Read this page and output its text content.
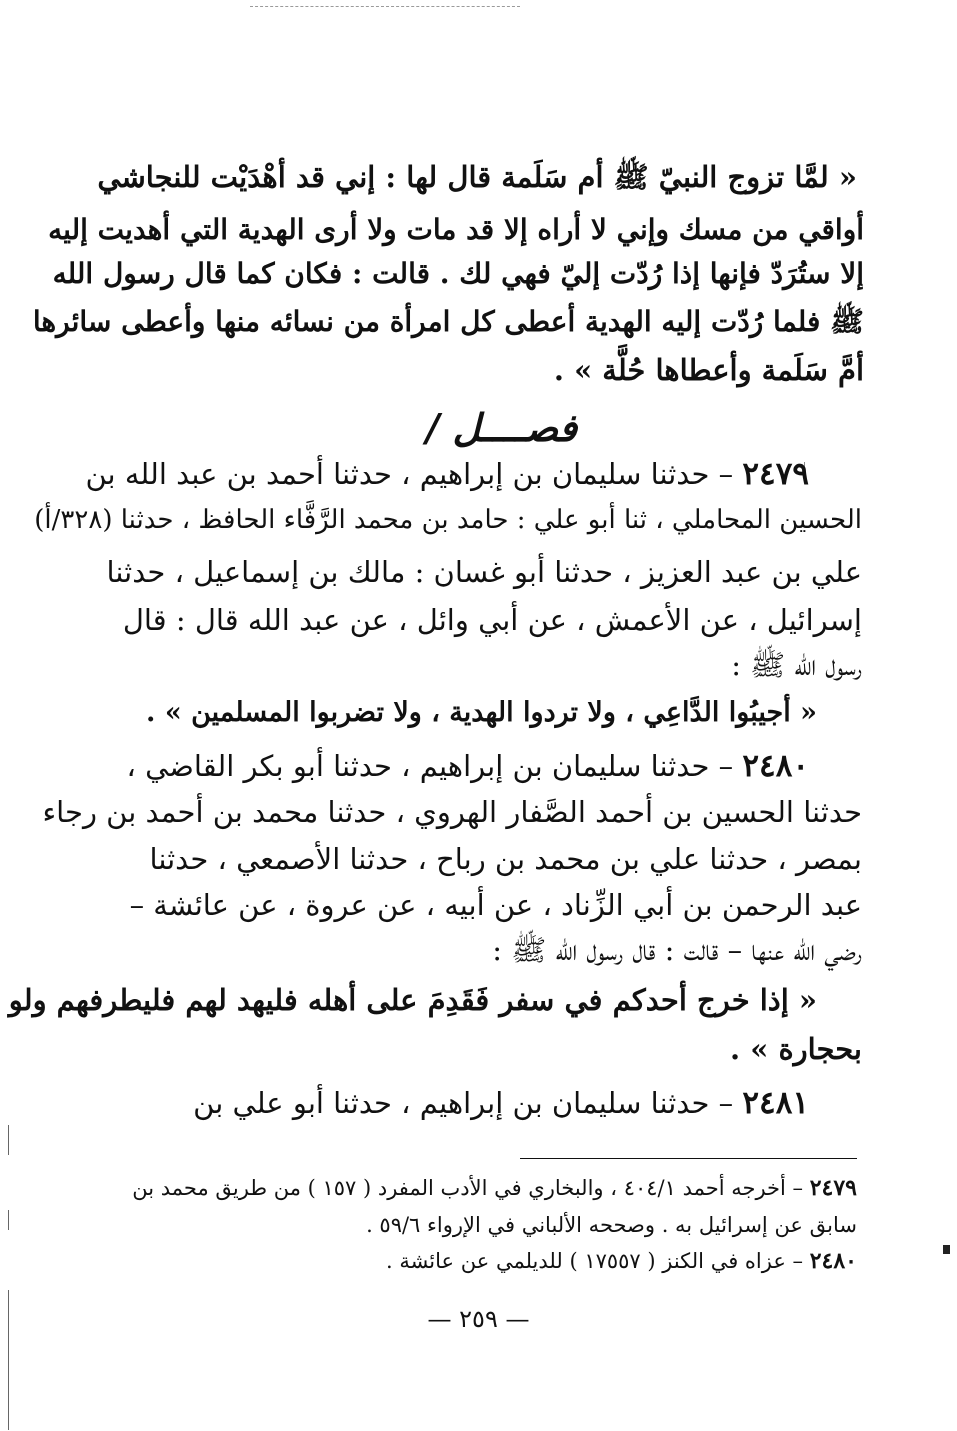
« لمَّا تزوج النبيّ ﷺ أم سَلَمة قال لها : إني قد أهْدَيْت للنجاشي
أواقي من مسك وإني لا أراه إلا قد مات ولا أرى الهدية التي أهديت إليه
إلا ستُرَدّ فإنها إذا رُدّت إليّ فهي لك . قالت : فكان كما قال رسول الله
ﷺ فلما رُدّت إليه الهدية أعطى كل امرأة من نسائه منها وأعطى سائرها
أمَّ سَلَمة وأعطاها حُلَّة » .
فصــــل /
٢٤٧٩ – حدثنا سليمان بن إبراهيم ، حدثنا أحمد بن عبد الله بن
الحسين المحاملي ، ثنا أبو علي : حامد بن محمد الرَّفَّاء الحافظ ، حدثنا (٣٢٨/أ)
علي بن عبد العزيز ، حدثنا أبو غسان : مالك بن إسماعيل ، حدثنا
إسرائيل ، عن الأعمش ، عن أبي وائل ، عن عبد الله قال : قال
رسول الله ﷺ :
« أجيبُوا الدَّاعِي ، ولا تردوا الهدية ، ولا تضربوا المسلمين » .
٢٤٨٠ – حدثنا سليمان بن إبراهيم ، حدثنا أبو بكر القاضي ،
حدثنا الحسين بن أحمد الصَّفار الهروي ، حدثنا محمد بن أحمد بن رجاء
بمصر ، حدثنا علي بن محمد بن رباح ، حدثنا الأصمعي ، حدثنا
عبد الرحمن بن أبي الزِّناد ، عن أبيه ، عن عروة ، عن عائشة –
رضي الله عنها – قالت : قال رسول الله ﷺ :
« إذا خرج أحدكم في سفر فَقَدِمَ على أهله فليهد لهم فليطرفهم ولو
بحجارة » .
٢٤٨١ – حدثنا سليمان بن إبراهيم ، حدثنا أبو علي بن
٢٤٧٩ – أخرجه أحمد ٤٠٤/١ ، والبخاري في الأدب المفرد ( ١٥٧ ) من طريق محمد بن
سابق عن إسرائيل به . وصححه الألباني في الإرواء ٥٩/٦ .
٢٤٨٠ – عزاه في الكنز ( ١٧٥٥٧ ) للديلمي عن عائشة .
— ٢٥٩ —
